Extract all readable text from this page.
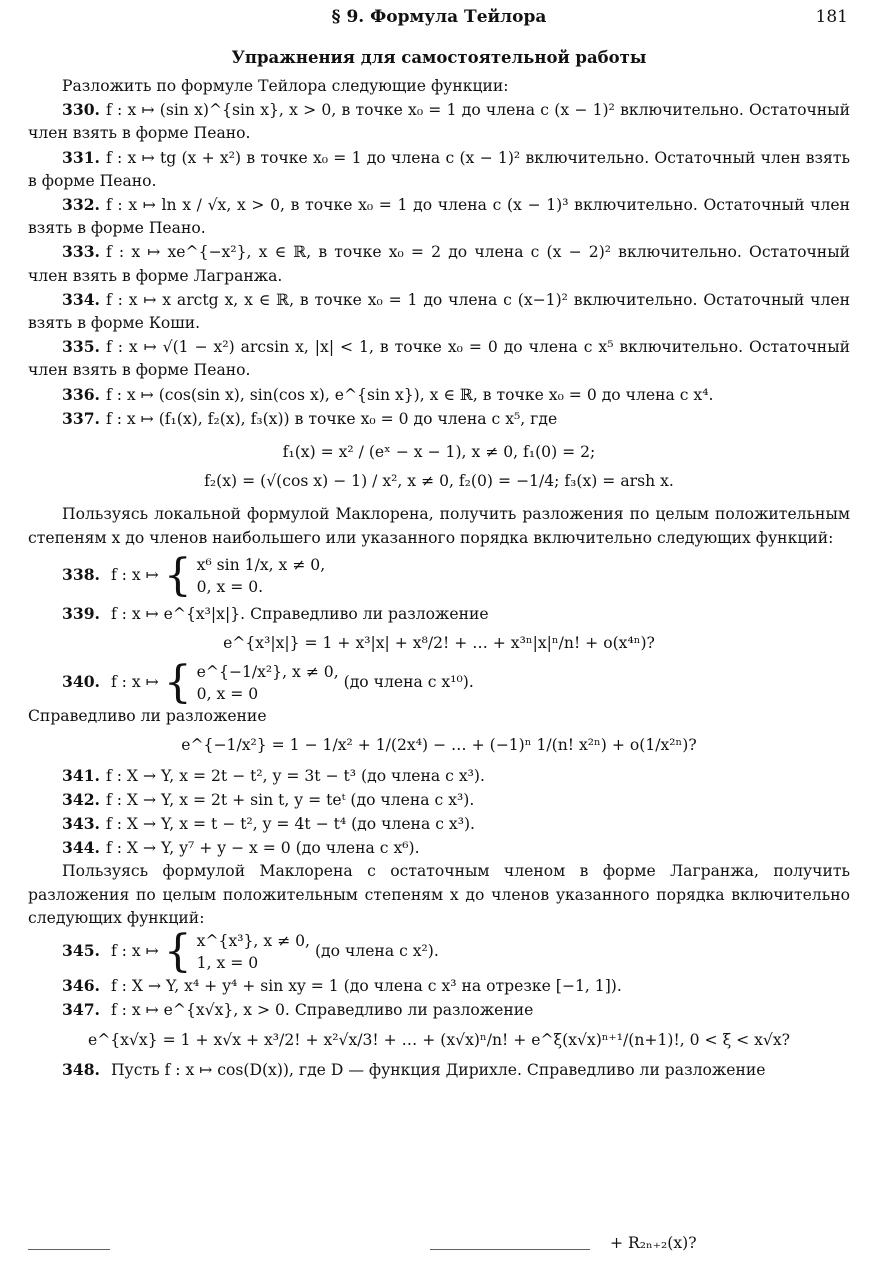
§ 9. Формула Тейлора	181
Упражнения для самостоятельной работы

Разложить по формуле Тейлора следующие функции:

330. f : x ↦ (sin x)^{sin x}, x > 0, в точке x₀ = 1 до члена с (x − 1)² включительно. Остаточный член взять в форме Пеано.

331. f : x ↦ tg (x + x²) в точке x₀ = 1 до члена с (x − 1)² включительно. Остаточный член взять в форме Пеано.

332. f : x ↦ ln x / √x, x > 0, в точке x₀ = 1 до члена с (x − 1)³ включительно. Остаточный член взять в форме Пеано.

333. f : x ↦ xe^{−x²}, x ∈ ℝ, в точке x₀ = 2 до члена с (x − 2)² включительно. Остаточный член взять в форме Лагранжа.

334. f : x ↦ x arctg x, x ∈ ℝ, в точке x₀ = 1 до члена с (x−1)² включительно. Остаточный член взять в форме Коши.

335. f : x ↦ √(1 − x²) arcsin x, |x| < 1, в точке x₀ = 0 до члена с x⁵ включительно. Остаточный член взять в форме Пеано.

336. f : x ↦ (cos(sin x), sin(cos x), e^{sin x}), x ∈ ℝ, в точке x₀ = 0 до члена с x⁴.

337. f : x ↦ (f₁(x), f₂(x), f₃(x)) в точке x₀ = 0 до члена с x⁵, где

f₁(x) = x² / (eˣ − x − 1), x ≠ 0, f₁(0) = 2;

f₂(x) = (√(cos x) − 1) / x², x ≠ 0, f₂(0) = −1/4; f₃(x) = arsh x.

Пользуясь локальной формулой Маклорена, получить разложения по целым положительным степеням x до членов наибольшего или указанного порядка включительно следующих функций:

338. f : x ↦ { x⁶ sin 1/x, x ≠ 0,
0, x = 0.

339. f : x ↦ e^{x³|x|}. Справедливо ли разложение

e^{x³|x|} = 1 + x³|x| + x⁸/2! + … + x³ⁿ|x|ⁿ/n! + o(x⁴ⁿ)?

340. f : x ↦ { e^{−1/x²}, x ≠ 0,
0, x = 0
(до члена с x¹⁰).

Справедливо ли разложение

e^{−1/x²} = 1 − 1/x² + 1/(2x⁴) − … + (−1)ⁿ 1/(n! x²ⁿ) + o(1/x²ⁿ)?

341. f : X → Y, x = 2t − t², y = 3t − t³ (до члена с x³).

342. f : X → Y, x = 2t + sin t, y = teᵗ (до члена с x³).

343. f : X → Y, x = t − t², y = 4t − t⁴ (до члена с x³).

344. f : X → Y, y⁷ + y − x = 0 (до члена с x⁶).

Пользуясь формулой Маклорена с остаточным членом в форме Лагранжа, получить разложения по целым положительным степеням x до членов указанного порядка включительно следующих функций:

345. f : x ↦ { x^{x³}, x ≠ 0,
1, x = 0
(до члена с x²).

346. f : X → Y, x⁴ + y⁴ + sin xy = 1 (до члена с x³ на отрезке [−1, 1]).

347. f : x ↦ e^{x√x}, x > 0. Справедливо ли разложение

e^{x√x} = 1 + x√x + x³/2! + x²√x/3! + … + (x√x)ⁿ/n! + e^ξ(x√x)ⁿ⁺¹/(n+1)!, 0 < ξ < x√x?

348. Пусть f : x ↦ cos(D(x)), где D — функция Дирихле. Справедливо ли разложение

+ R₂ₙ₊₂(x)?
